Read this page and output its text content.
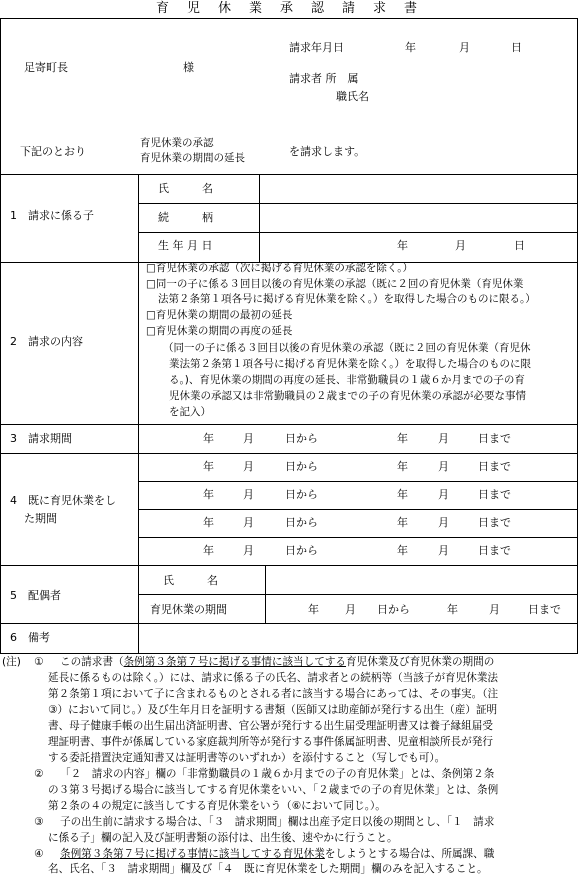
育児休業承認請求書
足寄町長	様
請求年月日	年	月	日
請求者 所　属
職氏名
下記のとおり
育児休業の承認
育児休業の期間の延長	を請求します。
1　請求に係る子
氏　　　名
続　　　柄
生 年 月 日	年	月	日
2　請求の内容
□育児休業の承認（次に掲げる育児休業の承認を除く。）
□同一の子に係る３回目以後の育児休業の承認（既に２回の育児休業（育児休業
法第２条第１項各号に掲げる育児休業を除く。）を取得した場合のものに限る。）
□育児休業の期間の最初の延長
□育児休業の期間の再度の延長
（同一の子に係る３回目以後の育児休業の承認（既に２回の育児休業（育児休
業法第２条第１項各号に掲げる育児休業を除く。）を取得した場合のものに限
る。)、育児休業の期間の再度の延長、非常勤職員の１歳６か月までの子の育
児休業の承認又は非常勤職員の２歳までの子の育児休業の承認が必要な事情
を記入）
3　請求期間	年	月	日から	年	月	日まで
4　既に育児休業をし
た期間
年	月	日から	年	月	日まで
年	月	日から	年	月	日まで
年	月	日から	年	月	日まで
年	月	日から	年	月	日まで
5　配偶者
氏　　　名
育児休業の期間	年 月 日から	年	月	日まで
6　備考
(注) ① この請求書（条例第３条第７号に掲げる事情に該当してする育児休業及び育児休業の期間の
延長に係るものは除く。）には、請求に係る子の氏名、請求者との続柄等（当該子が育児休業法
第２条第１項において子に含まれるものとされる者に該当する場合にあっては、その事実。（注
③）において同じ。）及び生年月日を証明する書類（医師又は助産師が発行する出生（産）証明
書、母子健康手帳の出生届出済証明書、官公署が発行する出生届受理証明書又は養子縁組届受
理証明書、事件が係属している家庭裁判所等が発行する事件係属証明書、児童相談所長が発行
する委託措置決定通知書又は証明書等のいずれか）を添付すること（写しでも可）。
② 「２　請求の内容」欄の「非常勤職員の１歳６か月までの子の育児休業」とは、条例第２条
の３第３号掲げる場合に該当してする育児休業をいい、「２歳までの子の育児休業」とは、条例
第２条の４の規定に該当してする育児休業をいう（⑥において同じ。）。
③ 子の出生前に請求する場合は、「３　請求期間」欄は出産予定日以後の期間とし、「１　請求
に係る子」欄の記入及び証明書類の添付は、出生後、速やかに行うこと。
④ 条例第３条第７号に掲げる事情に該当してする育児休業をしようとする場合は、所属課、職
名、氏名、「３　請求期間」欄及び「４　既に育児休業をした期間」欄のみを記入すること。
